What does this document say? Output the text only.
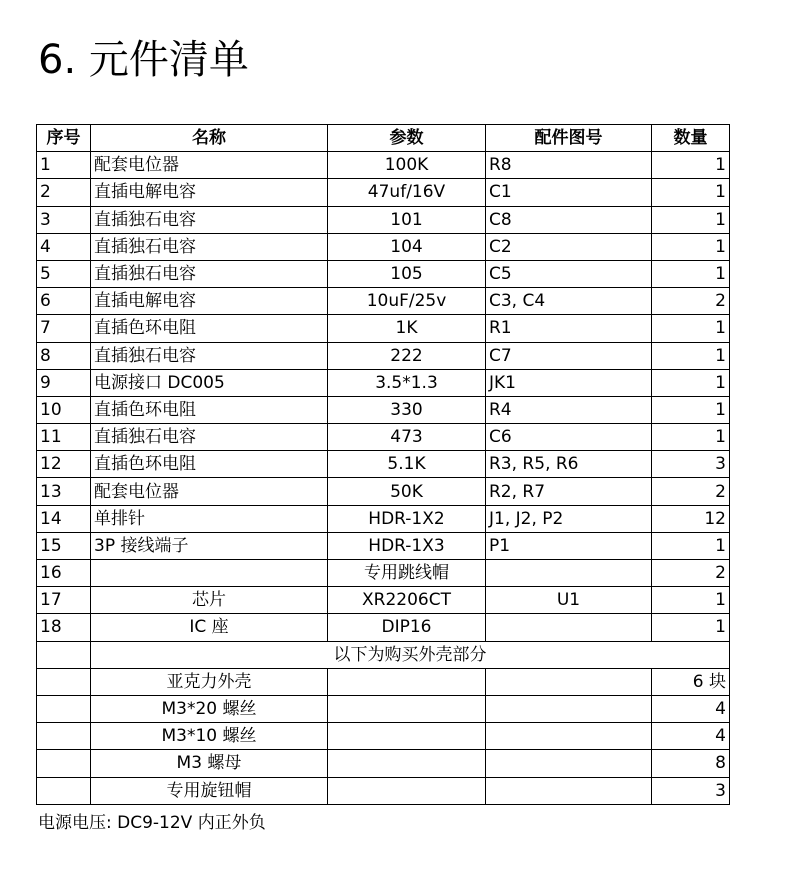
6. 元件清单
序号	名称	参数	配件图号	数量
1	配套电位器	100K	R8	1
2	直插电解电容	47uf/16V	C1	1
3	直插独石电容	101	C8	1
4	直插独石电容	104	C2	1
5	直插独石电容	105	C5	1
6	直插电解电容	10uF/25v	C3, C4	2
7	直插色环电阻	1K	R1	1
8	直插独石电容	222	C7	1
9	电源接口 DC005	3.5*1.3	JK1	1
10	直插色环电阻	330	R4	1
11	直插独石电容	473	C6	1
12	直插色环电阻	5.1K	R3, R5, R6	3
13	配套电位器	50K	R2, R7	2
14	单排针	HDR-1X2	J1, J2, P2	12
15	3P 接线端子	HDR-1X3	P1	1
16		专用跳线帽		2
17	芯片	XR2206CT	U1	1
18	IC 座	DIP16		1
	以下为购买外壳部分			
	亚克力外壳			6 块
	M3*20 螺丝			4
	M3*10 螺丝			4
	M3 螺母			8
	专用旋钮帽			3
电源电压: DC9-12V 内正外负
